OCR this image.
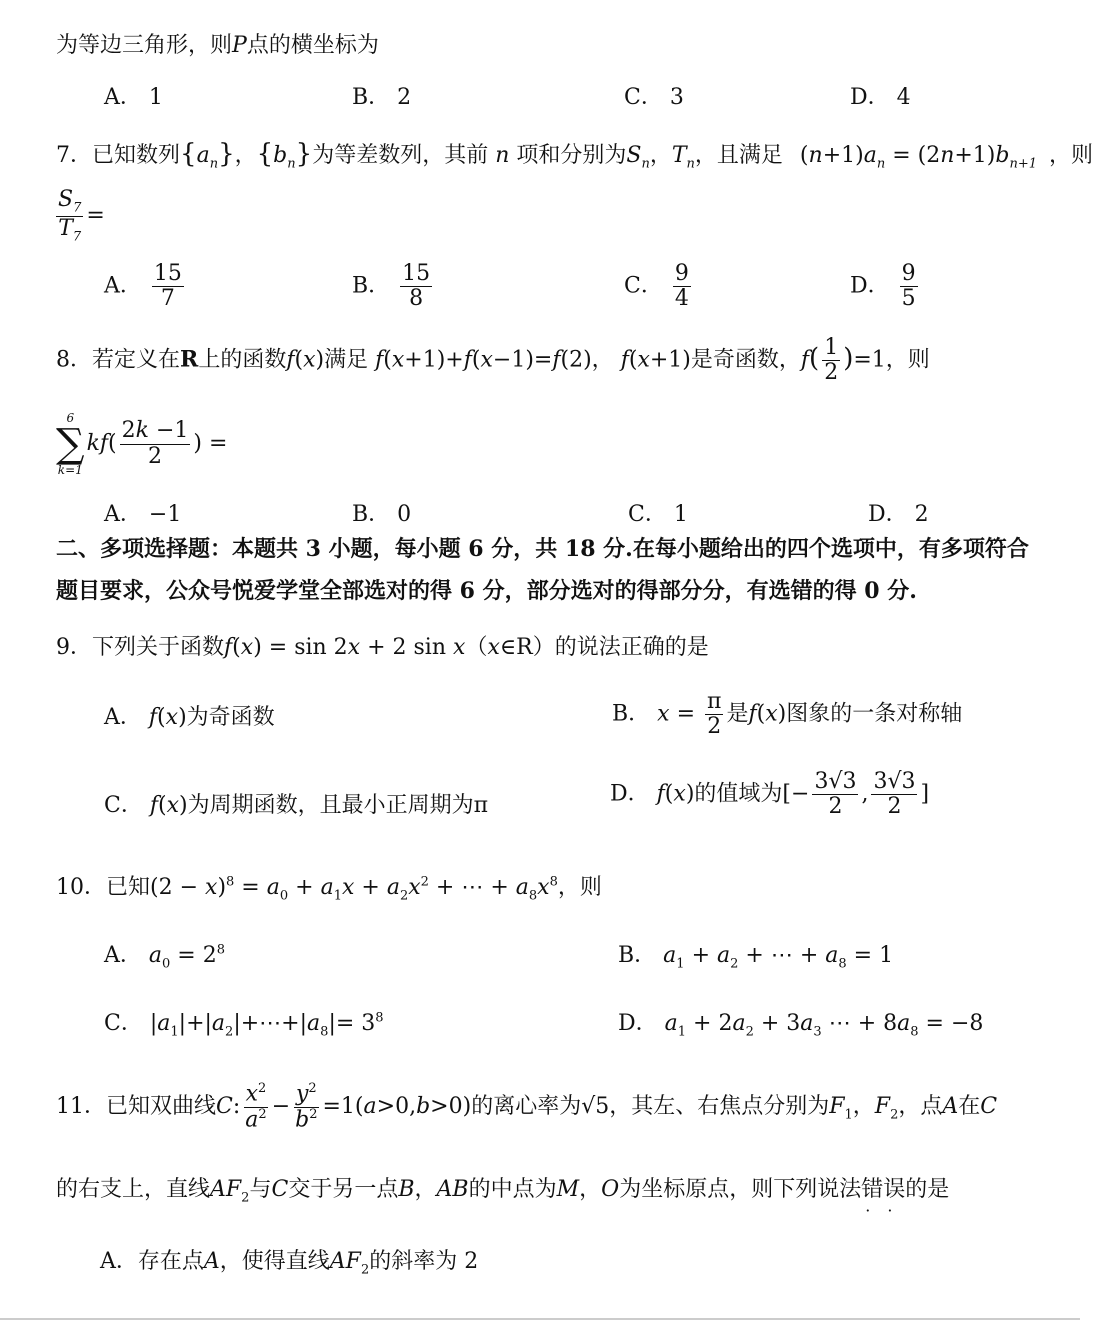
为等边三角形，则P点的横坐标为
A． 1	B． 2	C． 3	D． 4
7．已知数列$\{a_n\}$，$\{b_n\}$为等差数列，其前 n 项和分别为$S_n$，$T_n$，且满足 $(n+1)a_n = (2n+1)b_{n+1}$ ，则
$\frac{S_7}{T_7}$ =
A． $\frac{15}{7}$	B． $\frac{15}{8}$	C． $\frac{9}{4}$	D． $\frac{9}{5}$
8．若定义在R上的函数f(x)满足 f(x+1)+f(x−1)=f(2)， f(x+1)是奇函数，$f( \frac{1}{2} )=1$，则
6
∑
k=1
$kf( \frac{2k -1}{2}$ ) =
A． −1	B． 0	C． 1	D． 2
二、多项选择题：本题共 3 小题，每小题 6 分，共 18 分.在每小题给出的四个选项中，有多项符合
题目要求，公众号悦爱学堂全部选对的得 6 分，部分选对的得部分分，有选错的得 0 分.
9．下列关于函数f(x) = sin 2x + 2 sin x（x∈R）的说法正确的是
A． f(x)为奇函数	B． $x = \frac{\pi}{2}$ 是f(x)图象的一条对称轴
C． f(x)为周期函数，且最小正周期为π	D． f(x)的值域为[− $\frac{3√3}{2}$ , $\frac{3√3}{2}$ ]
10．已知$(2 - x)^8 = a_0 + a_1x + a_2x^2$ + ⋯ + $a_8x^8$，则
A． $a_0 = 2^8$	B． $a_1 + a_2$ + ⋯ + $a_8 = 1$
C． $|a_1|+|a_2|+\cdots+|a_8|= 3^8$	D． $a_1 + 2a_2 + 3a_3$ ⋯ + $8a_8 = -8$
11．已知双曲线C: $\frac{x^2}{a^2} - \frac{y^2}{b^2} =1(a>0,b>0)$的离心率为√5，其左、右焦点分别为$F_1$，$F_2$，点A在C
的右支上，直线$AF_2$与C交于另一点B，AB的中点为M，O为坐标原点，则下列说法错误 · ·的是
A．存在点A，使得直线$AF_2$的斜率为 2
